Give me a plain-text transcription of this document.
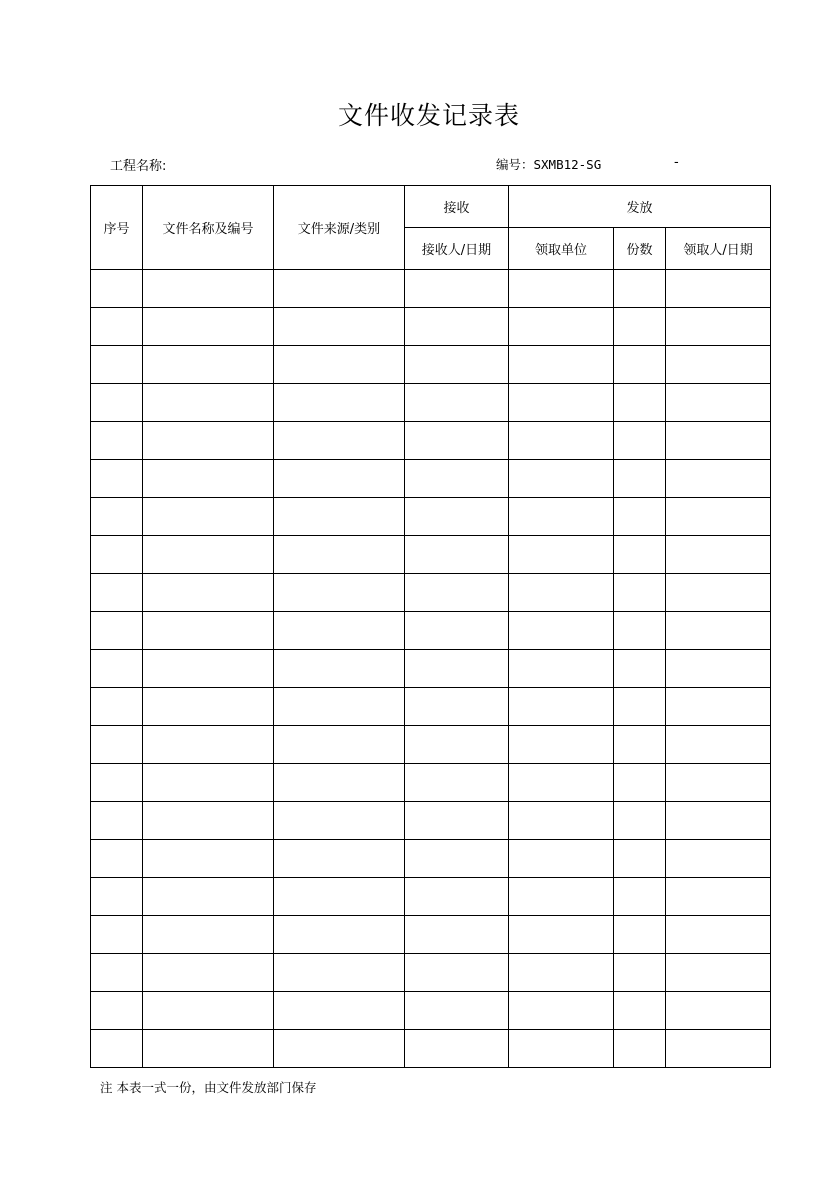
文件收发记录表
工程名称:	编号：SXMB12-SG	-
序号	文件名称及编号	文件来源/类别	接收	发放		
			接收人/日期	领取单位	份数	领取人/日期

注 本表一式一份，由文件发放部门保存
